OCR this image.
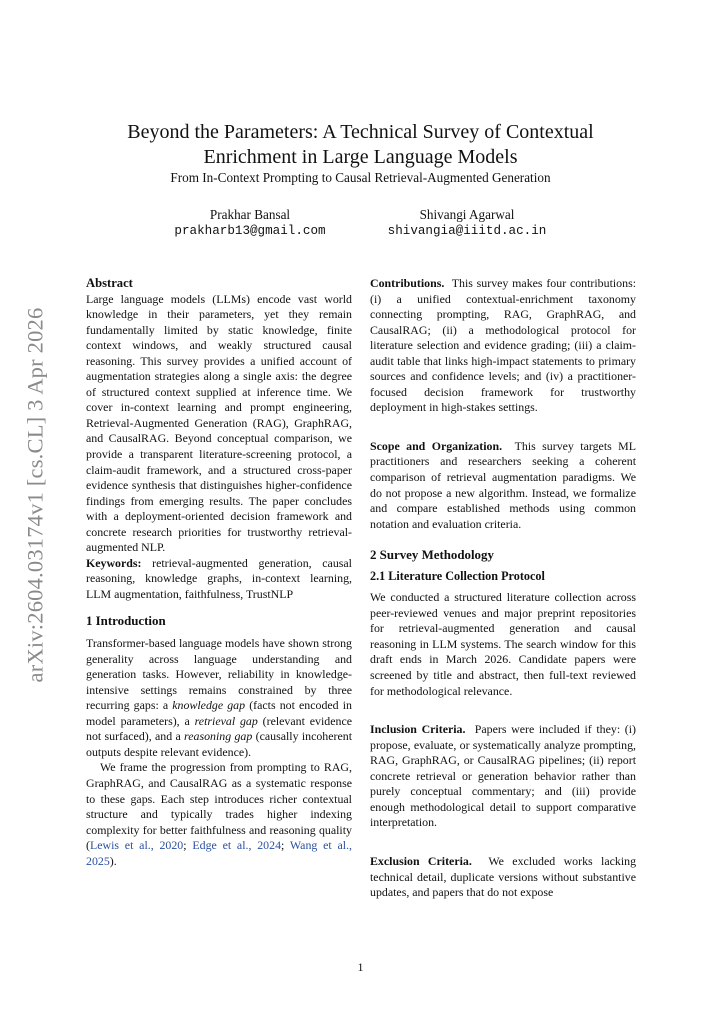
arXiv:2604.03174v1 [cs.CL] 3 Apr 2026
Beyond the Parameters: A Technical Survey of Contextual
Enrichment in Large Language Models
From In-Context Prompting to Causal Retrieval-Augmented Generation
Prakhar Bansal
prakharb13@gmail.com
Shivangi Agarwal
shivangia@iiitd.ac.in

Abstract

Large language models (LLMs) encode vast world knowledge in their parameters, yet they remain fundamentally limited by static knowledge, finite context windows, and weakly structured causal reasoning. This survey provides a unified account of augmentation strategies along a single axis: the degree of structured context supplied at inference time. We cover in-context learning and prompt engineering, Retrieval-Augmented Generation (RAG), GraphRAG, and CausalRAG. Beyond conceptual comparison, we provide a transparent literature-screening protocol, a claim-audit framework, and a structured cross-paper evidence synthesis that distinguishes higher-confidence findings from emerging results. The paper concludes with a deployment-oriented decision framework and concrete research priorities for trustworthy retrieval-augmented NLP.

Keywords: retrieval-augmented generation, causal reasoning, knowledge graphs, in-context learning, LLM augmentation, faithfulness, TrustNLP

1 Introduction

Transformer-based language models have shown strong generality across language understanding and generation tasks. However, reliability in knowledge-intensive settings remains constrained by three recurring gaps: a knowledge gap (facts not encoded in model parameters), a retrieval gap (relevant evidence not surfaced), and a reasoning gap (causally incoherent outputs despite relevant evidence).

We frame the progression from prompting to RAG, GraphRAG, and CausalRAG as a systematic response to these gaps. Each step introduces richer contextual structure and typically trades higher indexing complexity for better faithfulness and reasoning quality (Lewis et al., 2020; Edge et al., 2024; Wang et al., 2025).

Contributions. This survey makes four contributions: (i) a unified contextual-enrichment taxonomy connecting prompting, RAG, GraphRAG, and CausalRAG; (ii) a methodological protocol for literature selection and evidence grading; (iii) a claim-audit table that links high-impact statements to primary sources and confidence levels; and (iv) a practitioner-focused decision framework for trustworthy deployment in high-stakes settings.

Scope and Organization. This survey targets ML practitioners and researchers seeking a coherent comparison of retrieval augmentation paradigms. We do not propose a new algorithm. Instead, we formalize and compare established methods using common notation and evaluation criteria.

2 Survey Methodology

2.1 Literature Collection Protocol

We conducted a structured literature collection across peer-reviewed venues and major preprint repositories for retrieval-augmented generation and causal reasoning in LLM systems. The search window for this draft ends in March 2026. Candidate papers were screened by title and abstract, then full-text reviewed for methodological relevance.

Inclusion Criteria. Papers were included if they: (i) propose, evaluate, or systematically analyze prompting, RAG, GraphRAG, or CausalRAG pipelines; (ii) report concrete retrieval or generation behavior rather than purely conceptual commentary; and (iii) provide enough methodological detail to support comparative interpretation.

Exclusion Criteria. We excluded works lacking technical detail, duplicate versions without substantive updates, and papers that do not expose

1
